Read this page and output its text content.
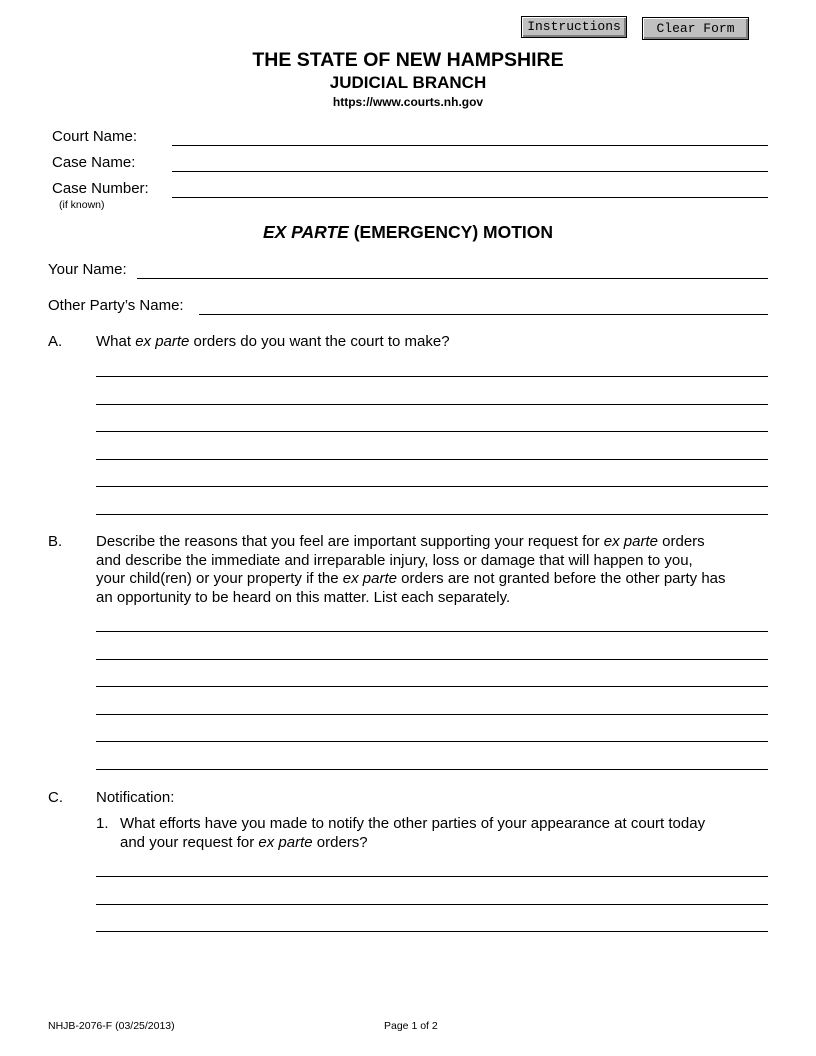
Instructions	Clear Form
THE STATE OF NEW HAMPSHIRE
JUDICIAL BRANCH
https://www.courts.nh.gov
Court Name:
Case Name:
Case Number:
(if known)
EX PARTE (EMERGENCY) MOTION
Your Name:
Other Party’s Name:
A. What ex parte orders do you want the court to make?
B. Describe the reasons that you feel are important supporting your request for ex parte orders
and describe the immediate and irreparable injury, loss or damage that will happen to you,
your child(ren) or your property if the ex parte orders are not granted before the other party has
an opportunity to be heard on this matter. List each separately.
C. Notification:
1. What efforts have you made to notify the other parties of your appearance at court today
and your request for ex parte orders?
NHJB-2076-F (03/25/2013)	Page 1 of 2
